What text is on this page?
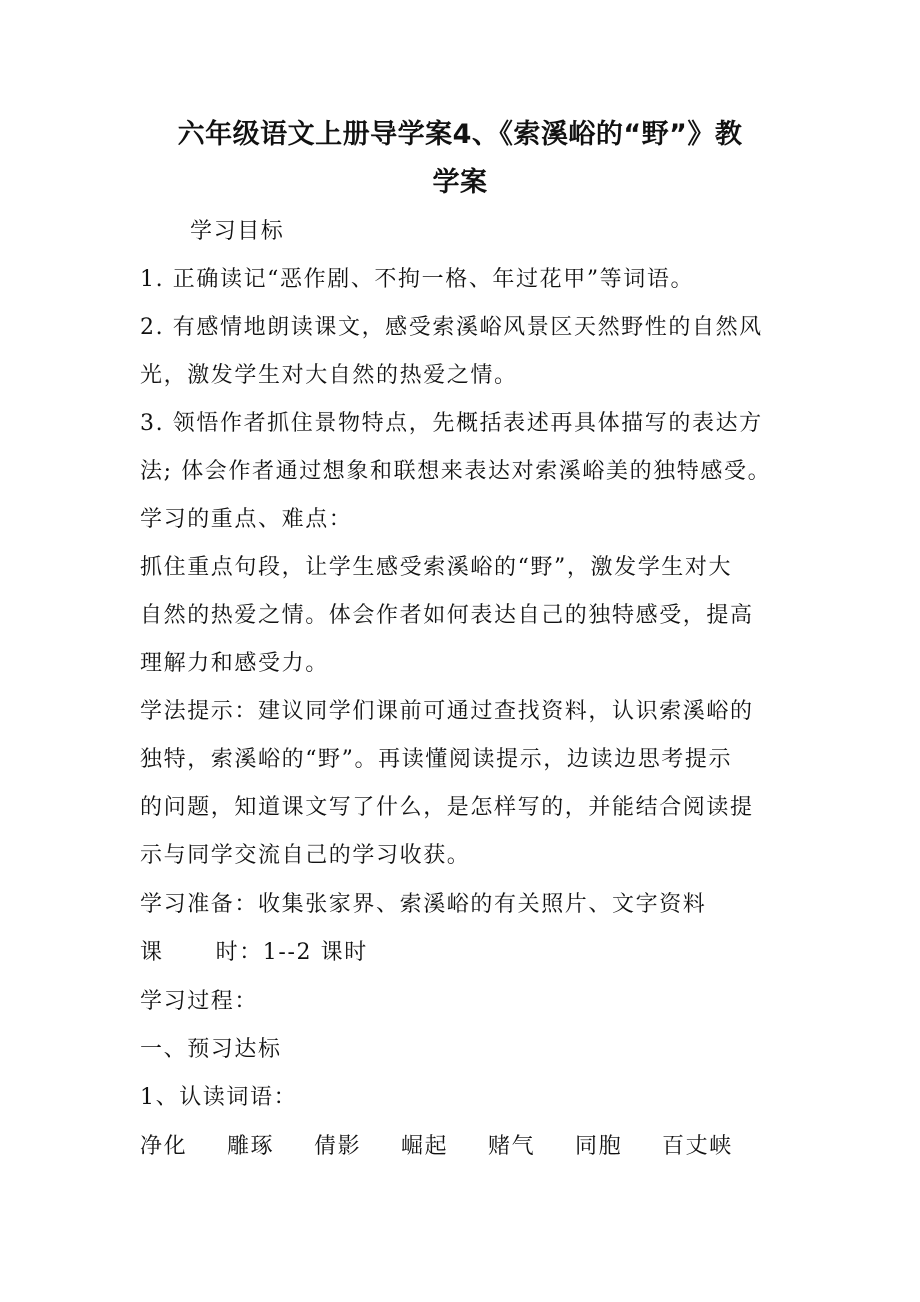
六年级语文上册导学案4、《索溪峪的“野”》教
学案
学习目标
1. 正确读记“恶作剧、不拘一格、年过花甲”等词语。
2. 有感情地朗读课文，感受索溪峪风景区天然野性的自然风
光，激发学生对大自然的热爱之情。
3. 领悟作者抓住景物特点，先概括表述再具体描写的表达方
法; 体会作者通过想象和联想来表达对索溪峪美的独特感受。
学习的重点、难点：
抓住重点句段，让学生感受索溪峪的“野”，激发学生对大
自然的热爱之情。体会作者如何表达自己的独特感受，提高
理解力和感受力。
学法提示：建议同学们课前可通过查找资料，认识索溪峪的
独特，索溪峪的“野”。再读懂阅读提示，边读边思考提示
的问题，知道课文写了什么，是怎样写的，并能结合阅读提
示与同学交流自己的学习收获。
学习准备：收集张家界、索溪峪的有关照片、文字资料
课 时：1--2 课时
学习过程：
一、预习达标
1、认读词语：
净化 雕琢 倩影 崛起 赌气 同胞 百丈峡
